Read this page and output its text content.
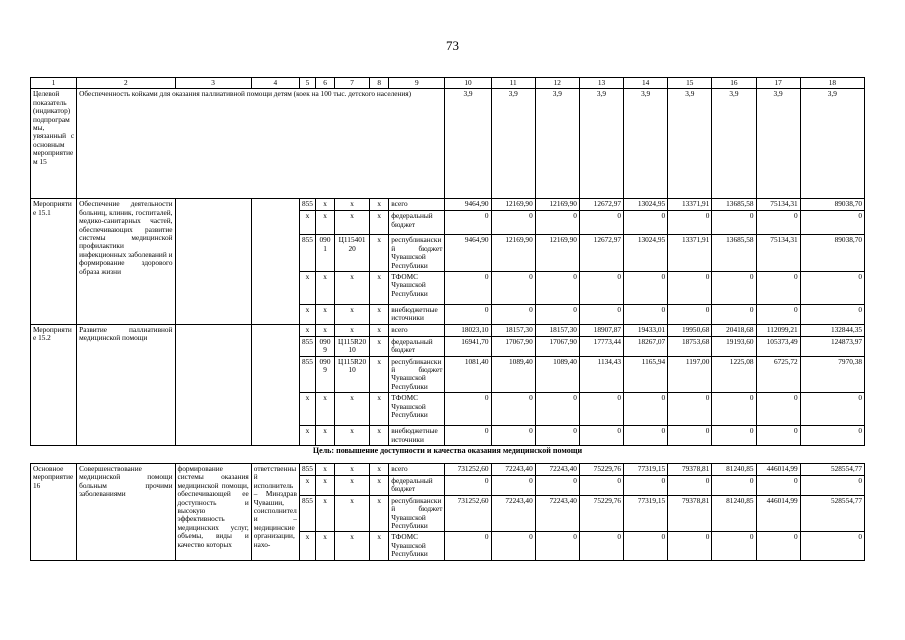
73
1	2	3	4	5	6	7	8	9	10	11	12	13	14	15	16	17	18
Целевой показатель (индикатор) подпрограммы, увязанный с основным мероприятием 15	Обеспеченность койками для оказания паллиативной помощи детям (коек на 100 тыс. детского населения)								3,9	3,9	3,9	3,9	3,9	3,9	3,9	3,9	3,9
Мероприятие 15.1	Обеспечение деятельности больниц, клиник, госпиталей, медико-санитарных частей, обеспечивающих развитие системы медицинской профилактики инфекционных заболеваний и формирование здорового образа жизни			855	x	x	x	всего	9464,90	12169,90	12169,90	12672,97	13024,95	13371,91	13685,58	75134,31	89038,70
				x	x	x	x	федеральный бюджет	0	0	0	0	0	0	0	0	0
				855	0901	Ц115401 20	x	республиканский бюджет Чувашской Республики	9464,90	12169,90	12169,90	12672,97	13024,95	13371,91	13685,58	75134,31	89038,70
				x	x	x	x	ТФОМС Чувашской Республики	0	0	0	0	0	0	0	0	0
				x	x	x	x	внебюджетные источники	0	0	0	0	0	0	0	0	0
Мероприятие 15.2	Развитие паллиативной медицинской помощи			x	x	x	x	всего	18023,10	18157,30	18157,30	18907,87	19433,01	19950,68	20418,68	112099,21	132844,35
				855	0909	Ц115R20 10	x	федеральный бюджет	16941,70	17067,90	17067,90	17773,44	18267,07	18753,68	19193,60	105373,49	124873,97
				855	0909	Ц115R20 10	x	республиканский бюджет Чувашской Республики	1081,40	1089,40	1089,40	1134,43	1165,94	1197,00	1225,08	6725,72	7970,38
				x	x	x	x	ТФОМС Чувашской Республики	0	0	0	0	0	0	0	0	0
				x	x	x	x	внебюджетные источники	0	0	0	0	0	0	0	0	0
Цель: повышение доступности и качества оказания медицинской помощи
Основное мероприятие 16	Совершенствование медицинской помощи больным прочими заболеваниями	формирование системы оказания медицинской помощи, обеспечивающей ее доступность и высокую эффективность медицинских услуг, объемы, виды и качество которых	ответственный исполнитель – Минздрав Чувашии, соисполнители – медицинские организации, нахо-	855	x	x	x	всего	731252,60	72243,40	72243,40	75229,76	77319,15	79378,81	81240,85	446014,99	528554,77
				x	x	x	x	федеральный бюджет	0	0	0	0	0	0	0	0	0
				855	x	x	x	республиканский бюджет Чувашской Республики	731252,60	72243,40	72243,40	75229,76	77319,15	79378,81	81240,85	446014,99	528554,77
				x	x	x	x	ТФОМС Чувашской Республики	0	0	0	0	0	0	0	0	0
